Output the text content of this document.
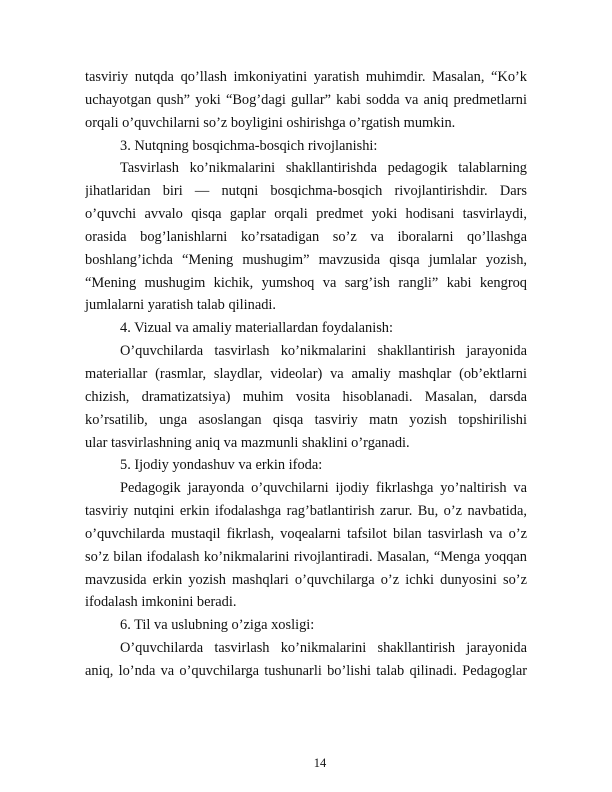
tasviriy nutqda qo’llash imkoniyatini yaratish muhimdir. Masalan, “Ko’k
uchayotgan qush” yoki “Bog’dagi gullar” kabi sodda va aniq predmetlarni
orqali o’quvchilarni so’z boyligini oshirishga o’rgatish mumkin.
3. Nutqning bosqichma-bosqich rivojlanishi:
Tasvirlash ko’nikmalarini shakllantirishda pedagogik talablarning
jihatlaridan biri — nutqni bosqichma-bosqich rivojlantirishdir. Dars
o’quvchi avvalo qisqa gaplar orqali predmet yoki hodisani tasvirlaydi,
orasida bog’lanishlarni ko’rsatadigan so’z va iboralarni qo’llashga
boshlang’ichda “Mening mushugim” mavzusida qisqa jumlalar yozish,
“Mening mushugim kichik, yumshoq va sarg’ish rangli” kabi kengroq
jumlalarni yaratish talab qilinadi.
4. Vizual va amaliy materiallardan foydalanish:
O’quvchilarda tasvirlash ko’nikmalarini shakllantirish jarayonida
materiallar (rasmlar, slaydlar, videolar) va amaliy mashqlar (ob’ektlarni
chizish, dramatizatsiya) muhim vosita hisoblanadi. Masalan, darsda
ko’rsatilib, unga asoslangan qisqa tasviriy matn yozish topshirilishi
ular tasvirlashning aniq va mazmunli shaklini o’rganadi.
5. Ijodiy yondashuv va erkin ifoda:
Pedagogik jarayonda o’quvchilarni ijodiy fikrlashga yo’naltirish va
tasviriy nutqini erkin ifodalashga rag’batlantirish zarur. Bu, o’z navbatida,
o’quvchilarda mustaqil fikrlash, voqealarni tafsilot bilan tasvirlash va o’z
so’z bilan ifodalash ko’nikmalarini rivojlantiradi. Masalan, “Menga yoqqan
mavzusida erkin yozish mashqlari o’quvchilarga o’z ichki dunyosini so’z
ifodalash imkonini beradi.
6. Til va uslubning o’ziga xosligi:
O’quvchilarda tasvirlash ko’nikmalarini shakllantirish jarayonida
aniq, lo’nda va o’quvchilarga tushunarli bo’lishi talab qilinadi. Pedagoglar
14
